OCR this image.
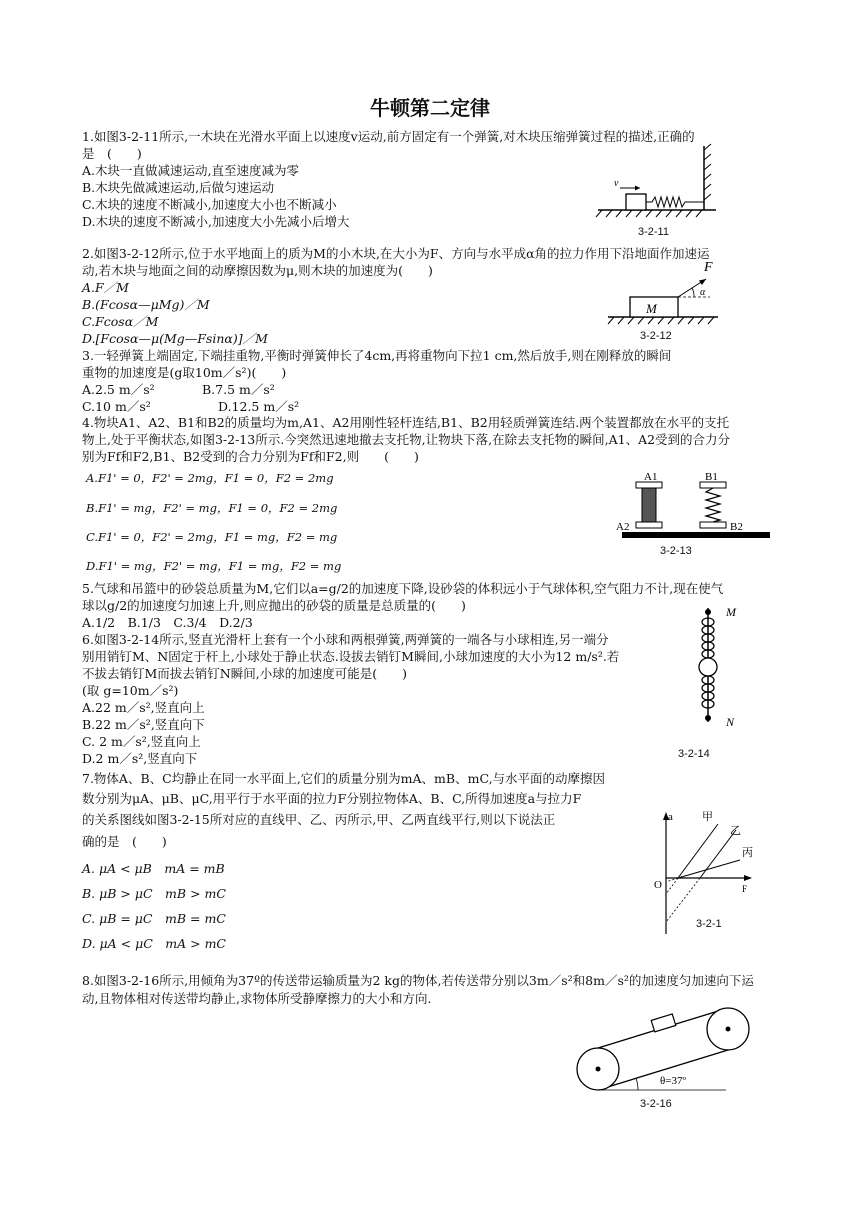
牛顿第二定律
1.如图3-2-11所示,一木块在光滑水平面上以速度v运动,前方固定有一个弹簧,对木块压缩弹簧过程的描述,正确的
是　(　　)
A.木块一直做减速运动,直至速度减为零
B.木块先做减速运动,后做匀速运动
C.木块的速度不断减小,加速度大小也不断减小
D.木块的速度不断减小,加速度大小先减小后增大
v
3-2-11
2.如图3-2-12所示,位于水平地面上的质为M的小木块,在大小为F、方向与水平成α角的拉力作用下沿地面作加速运
动,若木块与地面之间的动摩擦因数为μ,则木块的加速度为(　　)
A.F／M
B.(Fcosα—μMg)／M
C.Fcosα／M
D.[Fcosα—μ(Mg—Fsinα)]／M
M
α
F
3-2-12
3.一轻弹簧上端固定,下端挂重物,平衡时弹簧伸长了4cm,再将重物向下拉1 cm,然后放手,则在刚释放的瞬间
重物的加速度是(g取10m／s²)(　　)
A.2.5 m／s²	B.7.5 m／s²
C.10 m／s²	D.12.5 m／s²
4.物块A1、A2、B1和B2的质量均为m,A1、A2用刚性轻杆连结,B1、B2用轻质弹簧连结.两个装置都放在水平的支托
物上,处于平衡状态,如图3-2-13所示.今突然迅速地撤去支托物,让物块下落,在除去支托物的瞬间,A1、A2受到的合力分
别为Ff和F2,B1、B2受到的合力分别为Ff和F2,则　　(　　)
A.F1' = 0，F2' = 2mg，F1 = 0，F2 = 2mg
B.F1' = mg，F2' = mg，F1 = 0，F2 = 2mg
C.F1' = 0，F2' = 2mg，F1 = mg，F2 = mg
D.F1' = mg，F2' = mg，F1 = mg，F2 = mg
A1
A2
B1
B2
3-2-13
5.气球和吊篮中的砂袋总质量为M,它们以a=g/2的加速度下降,设砂袋的体积远小于气球体积,空气阻力不计,现在使气
球以g/2的加速度匀加速上升,则应抛出的砂袋的质量是总质量的(　　)
A.1/2　B.1/3　C.3/4　D.2/3
6.如图3-2-14所示,竖直光滑杆上套有一个小球和两根弹簧,两弹簧的一端各与小球相连,另一端分
别用销钉M、N固定于杆上,小球处于静止状态.设拔去销钉M瞬间,小球加速度的大小为12 m/s².若
不拔去销钉M而拔去销钉N瞬间,小球的加速度可能是(　　)
(取 g=10m／s²)
A.22 m／s²,竖直向上
B.22 m／s²,竖直向下
C. 2 m／s²,竖直向上
D.2 m／s²,竖直向下
M
N
3-2-14
7.物体A、B、C均静止在同一水平面上,它们的质量分别为mA、mB、mC,与水平面的动摩擦因
数分别为μA、μB、μC,用平行于水平面的拉力F分别拉物体A、B、C,所得加速度a与拉力F
的关系图线如图3-2-15所对应的直线甲、乙、丙所示,甲、乙两直线平行,则以下说法正
确的是　(　　)
A. μA < μB　mA = mB
B. μB > μC　mB > mC
C. μB = μC　mB = mC
D. μA < μC　mA > mC
a	甲
乙
丙
O	F
3-2-1
8.如图3-2-16所示,用倾角为37º的传送带运输质量为2 kg的物体,若传送带分别以3m／s²和8m／s²的加速度匀加速向下运
动,且物体相对传送带均静止,求物体所受静摩擦力的大小和方向.
θ=37º
3-2-16
